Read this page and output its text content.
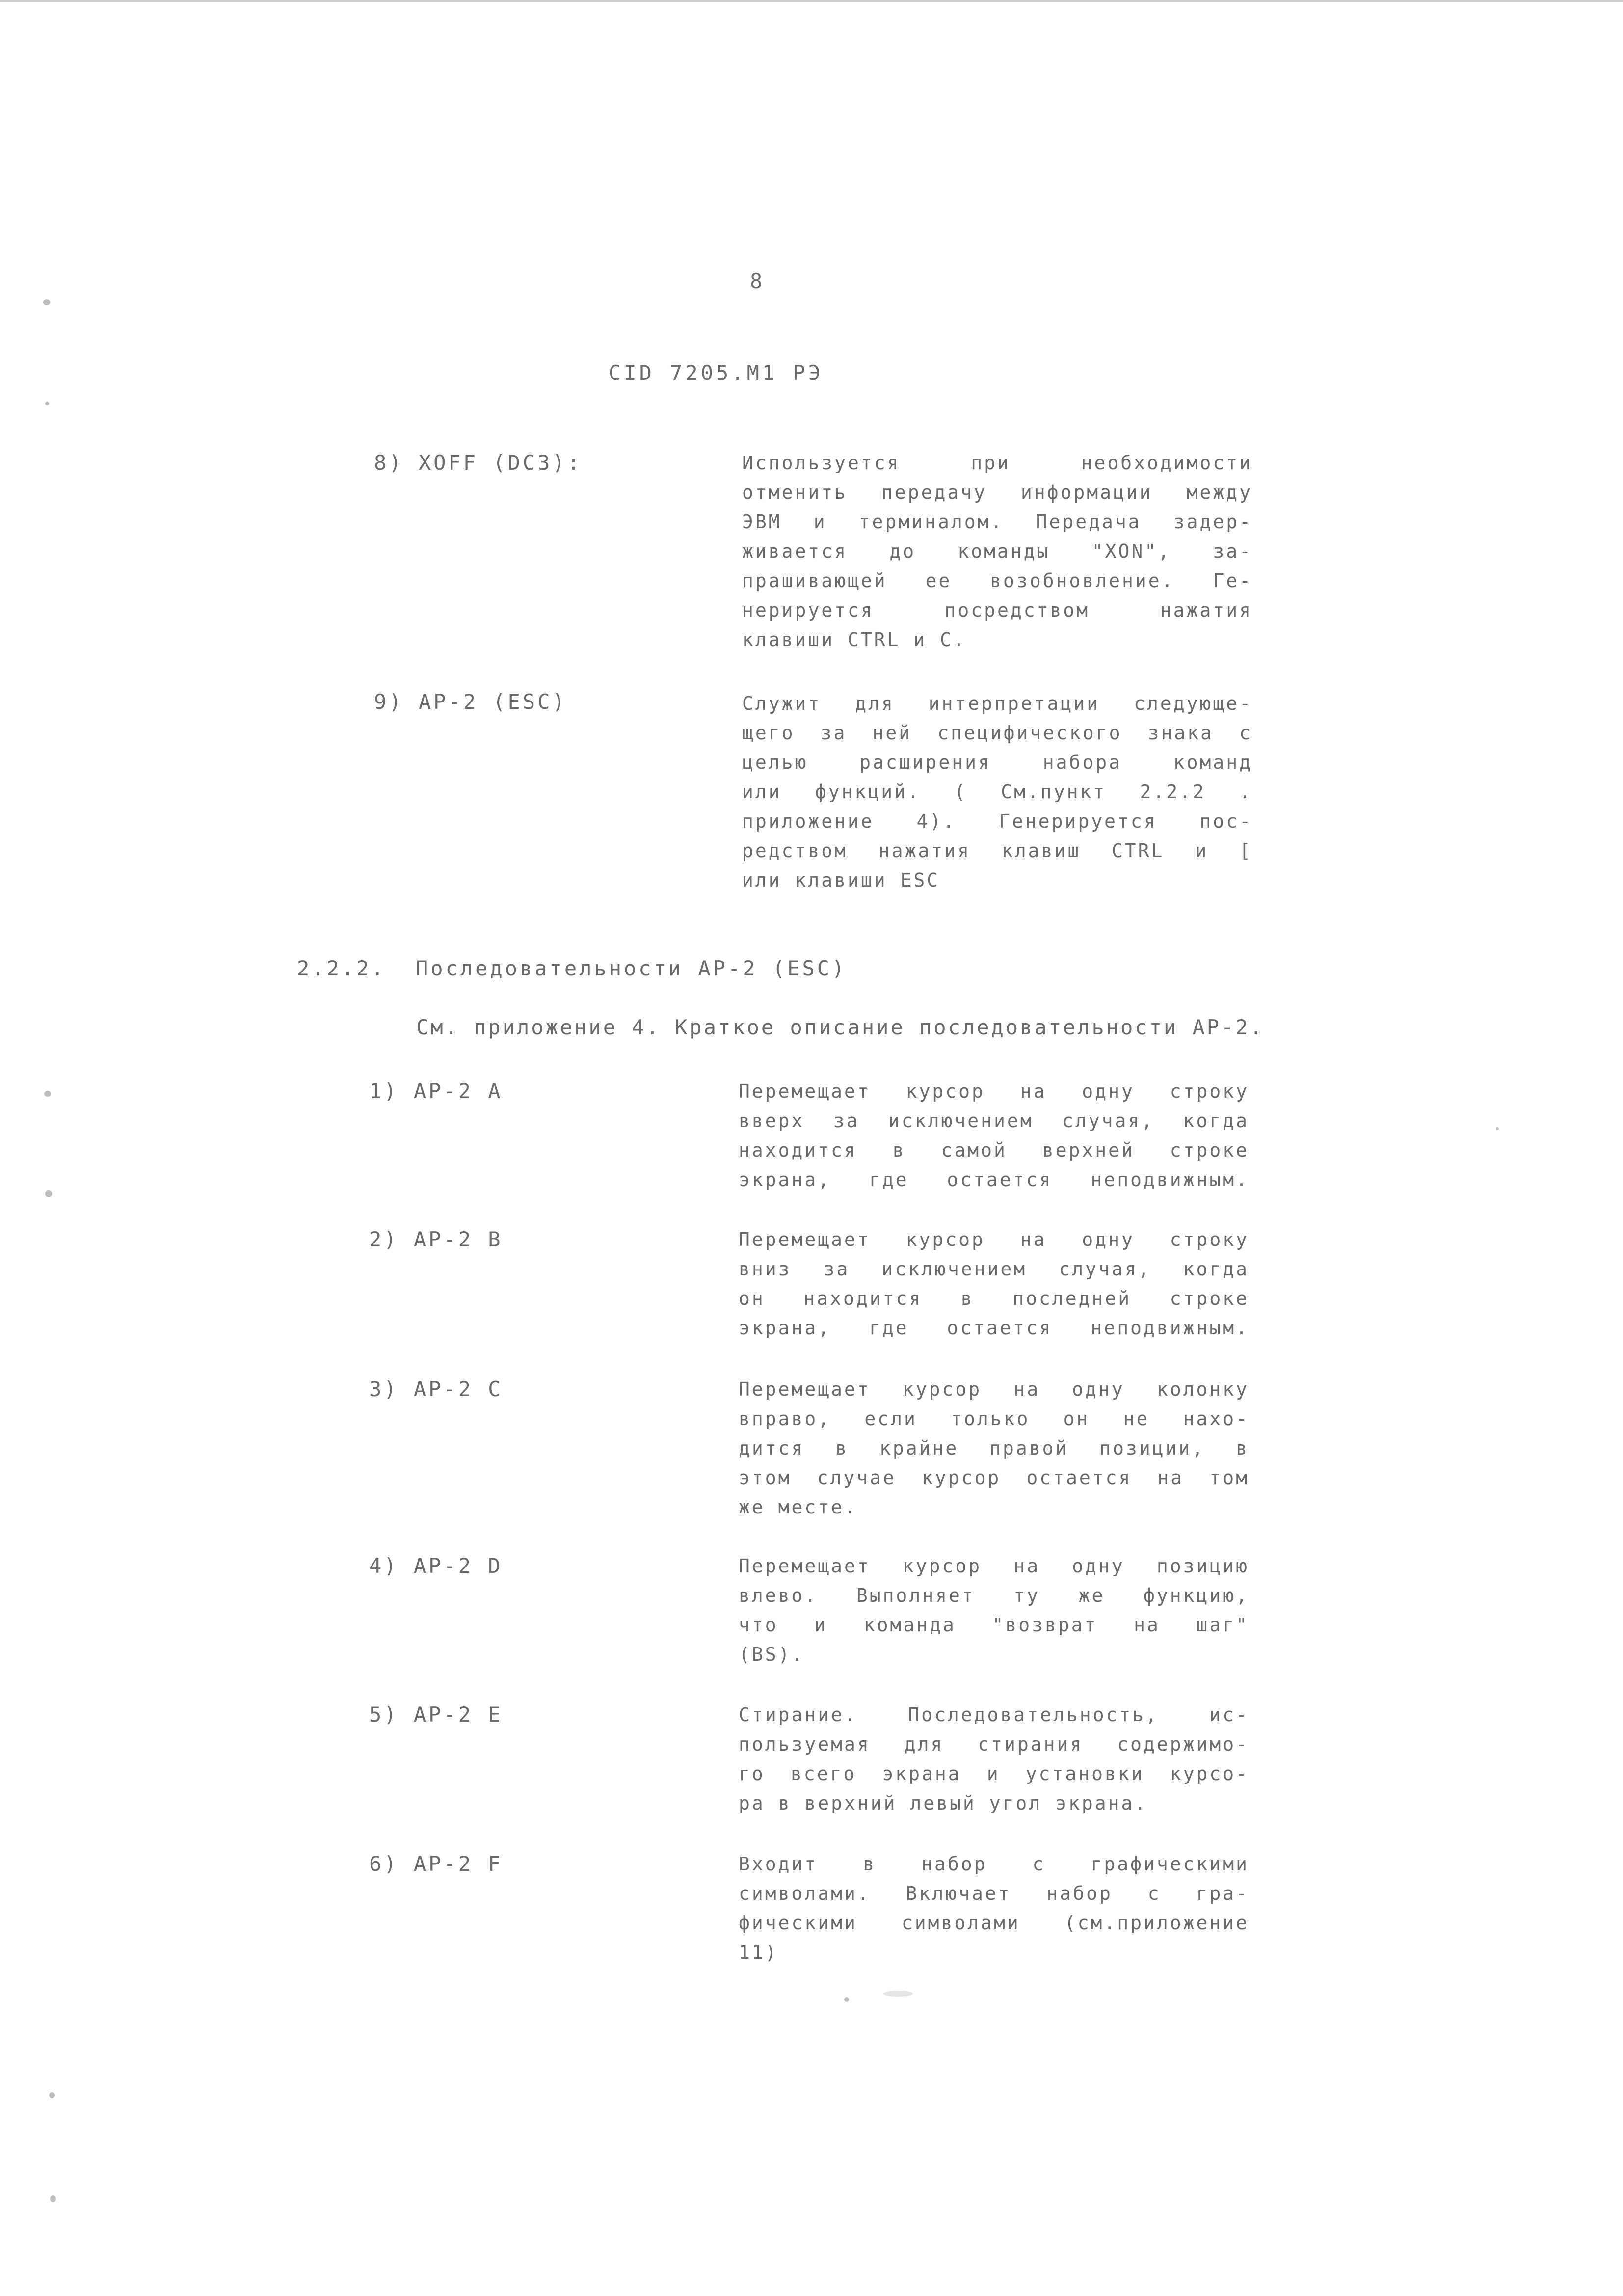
8
CID 7205.M1 РЭ
8) XOFF (DC3):	Используется при необходимости
отменить передачу информации между
ЭВМ и терминалом. Передача задер-
живается до команды "XON", за-
прашивающей ее возобновление. Ге-
нерируется посредством нажатия
клавиши CTRL и C.
9) АР-2 (ESC)	Служит для интерпретации следующе-
щего за ней специфического знака с
целью расширения набора команд
или функций. ( См.пункт 2.2.2 .
приложение 4). Генерируется пос-
редством нажатия клавиш CTRL и [
или клавиши ESC
2.2.2. Последовательности АР-2 (ESC)
См. приложение 4. Краткое описание последовательности АР-2.
1) АР-2 A	Перемещает курсор на одну строку
вверх за исключением случая, когда
находится в самой верхней строке
экрана, где остается неподвижным.
2) АР-2 B	Перемещает курсор на одну строку
вниз за исключением случая, когда
он находится в последней строке
экрана, где остается неподвижным.
3) АР-2 C	Перемещает курсор на одну колонку
вправо, если только он не нахо-
дится в крайне правой позиции, в
этом случае курсор остается на том
же месте.
4) АР-2 D	Перемещает курсор на одну позицию
влево. Выполняет ту же функцию,
что и команда "возврат на шаг"
(BS).
5) АР-2 E	Стирание. Последовательность, ис-
пользуемая для стирания содержимо-
го всего экрана и установки курсо-
ра в верхний левый угол экрана.
6) АР-2 F	Входит в набор с графическими
символами. Включает набор с гра-
фическими символами (см.приложение
11)
